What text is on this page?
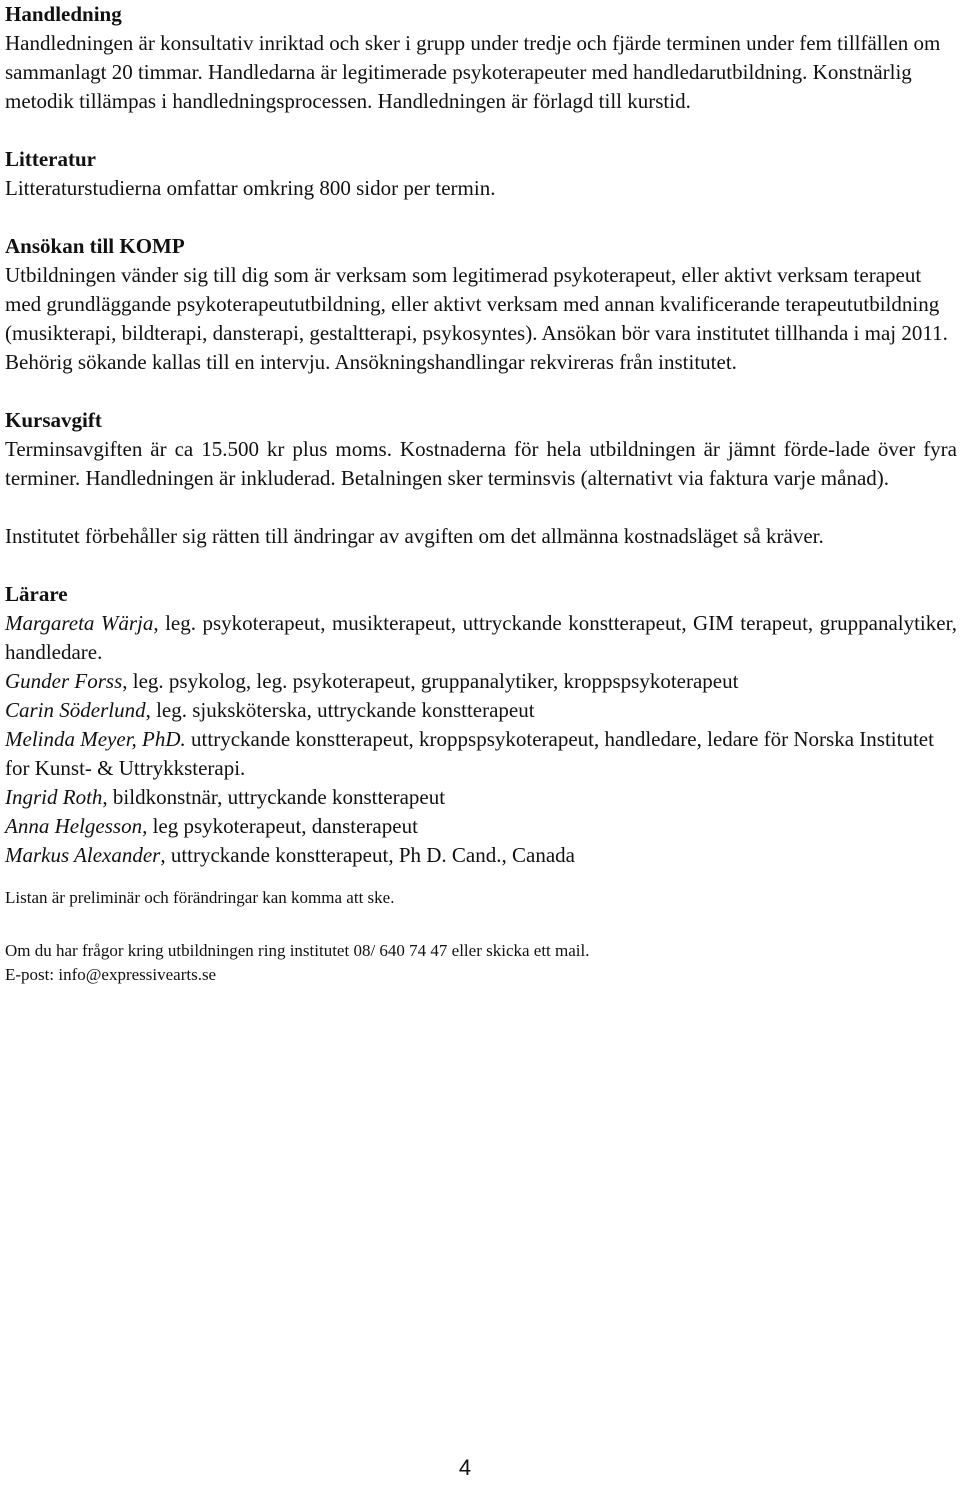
Handledning

Handledningen är konsultativ inriktad och sker i grupp under tredje och fjärde terminen under fem tillfällen om sammanlagt 20 timmar. Handledarna är legitimerade psykoterapeuter med handledarutbildning. Konstnärlig metodik tillämpas i handledningsprocessen. Handledningen är förlagd till kurstid.

Litteratur

Litteraturstudierna omfattar omkring 800 sidor per termin.

Ansökan till KOMP

Utbildningen vänder sig till dig som är verksam som legitimerad psykoterapeut, eller aktivt verksam terapeut med grundläggande psykoterapeututbildning, eller aktivt verksam med annan kvalificerande terapeututbildning (musikterapi, bildterapi, dansterapi, gestaltterapi, psykosyntes). Ansökan bör vara institutet tillhanda i maj 2011. Behörig sökande kallas till en intervju. Ansökningshandlingar rekvireras från institutet.

Kursavgift

Terminsavgiften är ca 15.500 kr plus moms. Kostnaderna för hela utbildningen är jämnt förde-lade över fyra terminer. Handledningen är inkluderad. Betalningen sker terminsvis (alternativt via faktura varje månad).

Institutet förbehåller sig rätten till ändringar av avgiften om det allmänna kostnadsläget så kräver.

Lärare

Margareta Wärja, leg. psykoterapeut, musikterapeut, uttryckande konstterapeut, GIM terapeut, gruppanalytiker, handledare.

Gunder Forss, leg. psykolog, leg. psykoterapeut, gruppanalytiker, kroppspsykoterapeut

Carin Söderlund, leg. sjuksköterska, uttryckande konstterapeut

Melinda Meyer, PhD. uttryckande konstterapeut, kroppspsykoterapeut, handledare, ledare för Norska Institutet for Kunst- & Uttrykksterapi.

Ingrid Roth, bildkonstnär, uttryckande konstterapeut

Anna Helgesson, leg psykoterapeut, dansterapeut

Markus Alexander, uttryckande konstterapeut, Ph D. Cand., Canada

Listan är preliminär och förändringar kan komma att ske.

Om du har frågor kring utbildningen ring institutet 08/ 640 74 47 eller skicka ett mail.

E-post: info@expressivearts.se

4
